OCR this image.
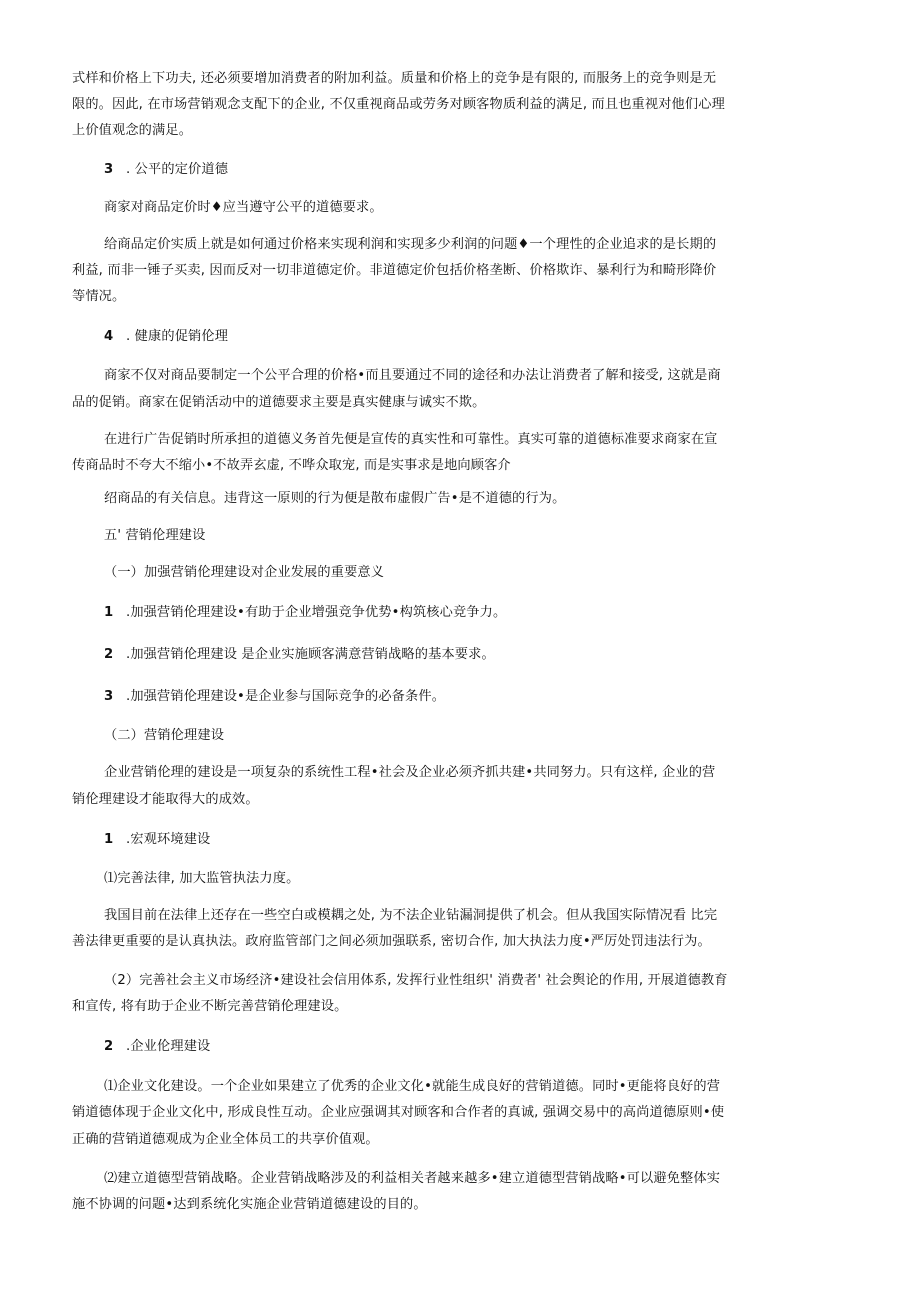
式样和价格上下功夫, 还必须要增加消费者的附加利益。质量和价格上的竞争是有限的, 而服务上的竞争则是无
限的。因此, 在市场营销观念支配下的企业, 不仅重视商品或劳务对顾客物质利益的满足, 而且也重视对他们心理
上价值观念的满足。
3 . 公平的定价道德
商家对商品定价时♦应当遵守公平的道德要求。
给商品定价实质上就是如何通过价格来实现利润和实现多少利润的问题♦一个理性的企业追求的是长期的
利益, 而非一锤子买卖, 因而反对一切非道德定价。非道德定价包括价格垄断、价格欺诈、暴利行为和畸形降价
等情况。
4 . 健康的促销伦理
商家不仅对商品要制定一个公平合理的价格•而且要通过不同的途径和办法让消费者了解和接受, 这就是商
品的促销。商家在促销活动中的道德要求主要是真实健康与诚实不欺。
在进行广告促销时所承担的道德义务首先便是宣传的真实性和可靠性。真实可靠的道德标准要求商家在宣
传商品时不夸大不缩小•不故弄玄虚, 不哗众取宠, 而是实事求是地向顾客介
绍商品的有关信息。违背这一原则的行为便是散布虚假广告•是不道德的行为。
五' 营销伦理建设
（一）加强营销伦理建设对企业发展的重要意义
1 .加强营销伦理建设•有助于企业增强竞争优势•构筑核心竞争力。
2 .加强营销伦理建设 是企业实施顾客满意营销战略的基本要求。
3 .加强营销伦理建设•是企业参与国际竞争的必备条件。
（二）营销伦理建设
企业营销伦理的建设是一项复杂的系统性工程•社会及企业必须齐抓共建•共同努力。只有这样, 企业的营
销伦理建设才能取得大的成效。
1 .宏观环境建设
⑴完善法律, 加大监管执法力度。
我国目前在法律上还存在一些空白或模耦之处, 为不法企业钻漏洞提供了机会。但从我国实际情况看 比完
善法律更重要的是认真执法。政府监管部门之间必须加强联系, 密切合作, 加大执法力度•严厉处罚违法行为。
（2）完善社会主义市场经济•建设社会信用体系, 发挥行业性组织' 消费者' 社会舆论的作用, 开展道德教育
和宣传, 将有助于企业不断完善营销伦理建设。
2 .企业伦理建设
⑴企业文化建设。一个企业如果建立了优秀的企业文化•就能生成良好的营销道德。同时•更能将良好的营
销道德体现于企业文化中, 形成良性互动。企业应强调其对顾客和合作者的真诚, 强调交易中的高尚道德原则•使
正确的营销道德观成为企业全体员工的共享价值观。
⑵建立道德型营销战略。企业营销战略涉及的利益相关者越来越多•建立道德型营销战略•可以避免整体实
施不协调的问题•达到系统化实施企业营销道德建设的目的。
